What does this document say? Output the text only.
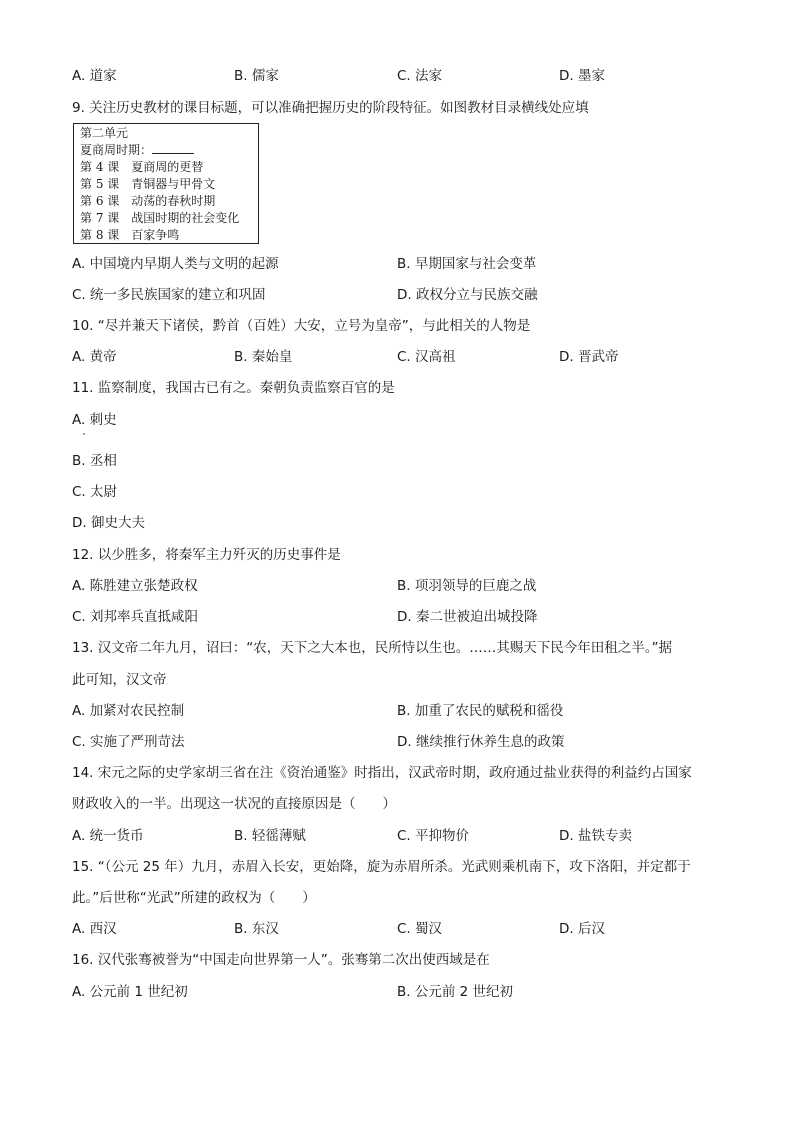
A. 道家	B. 儒家	C. 法家	D. 墨家
9. 关注历史教材的课目标题，可以准确把握历史的阶段特征。如图教材目录横线处应填
第二单元
夏商周时期：
第 4 课　夏商周的更替
第 5 课　青铜器与甲骨文
第 6 课　动荡的春秋时期
第 7 课　战国时期的社会变化
第 8 课　百家争鸣
A. 中国境内早期人类与文明的起源	B. 早期国家与社会变革
C. 统一多民族国家的建立和巩固	D. 政权分立与民族交融
10. “尽并兼天下诸侯，黔首（百姓）大安，立号为皇帝”，与此相关的人物是
A. 黄帝	B. 秦始皇	C. 汉高祖	D. 晋武帝
11. 监察制度，我国古已有之。秦朝负责监察百官的是
A. 刺史
B. 丞相
C. 太尉
D. 御史大夫
12. 以少胜多，将秦军主力歼灭的历史事件是
A. 陈胜建立张楚政权	B. 项羽领导的巨鹿之战
C. 刘邦率兵直抵咸阳	D. 秦二世被迫出城投降
13. 汉文帝二年九月，诏曰：“农，天下之大本也，民所恃以生也。……其赐天下民今年田租之半。”据
此可知，汉文帝
A. 加紧对农民控制	B. 加重了农民的赋税和徭役
C. 实施了严刑苛法	D. 继续推行休养生息的政策
14. 宋元之际的史学家胡三省在注《资治通鉴》时指出，汉武帝时期，政府通过盐业获得的利益约占国家
财政收入的一半。出现这一状况的直接原因是（　　）
A. 统一货币	B. 轻徭薄赋	C. 平抑物价	D. 盐铁专卖
15. “（公元 25 年）九月，赤眉入长安，更始降，旋为赤眉所杀。光武则乘机南下，攻下洛阳，并定都于
此。”后世称“光武”所建的政权为（　　）
A. 西汉	B. 东汉	C. 蜀汉	D. 后汉
16. 汉代张骞被誉为“中国走向世界第一人”。张骞第二次出使西域是在
A. 公元前 1 世纪初	B. 公元前 2 世纪初
